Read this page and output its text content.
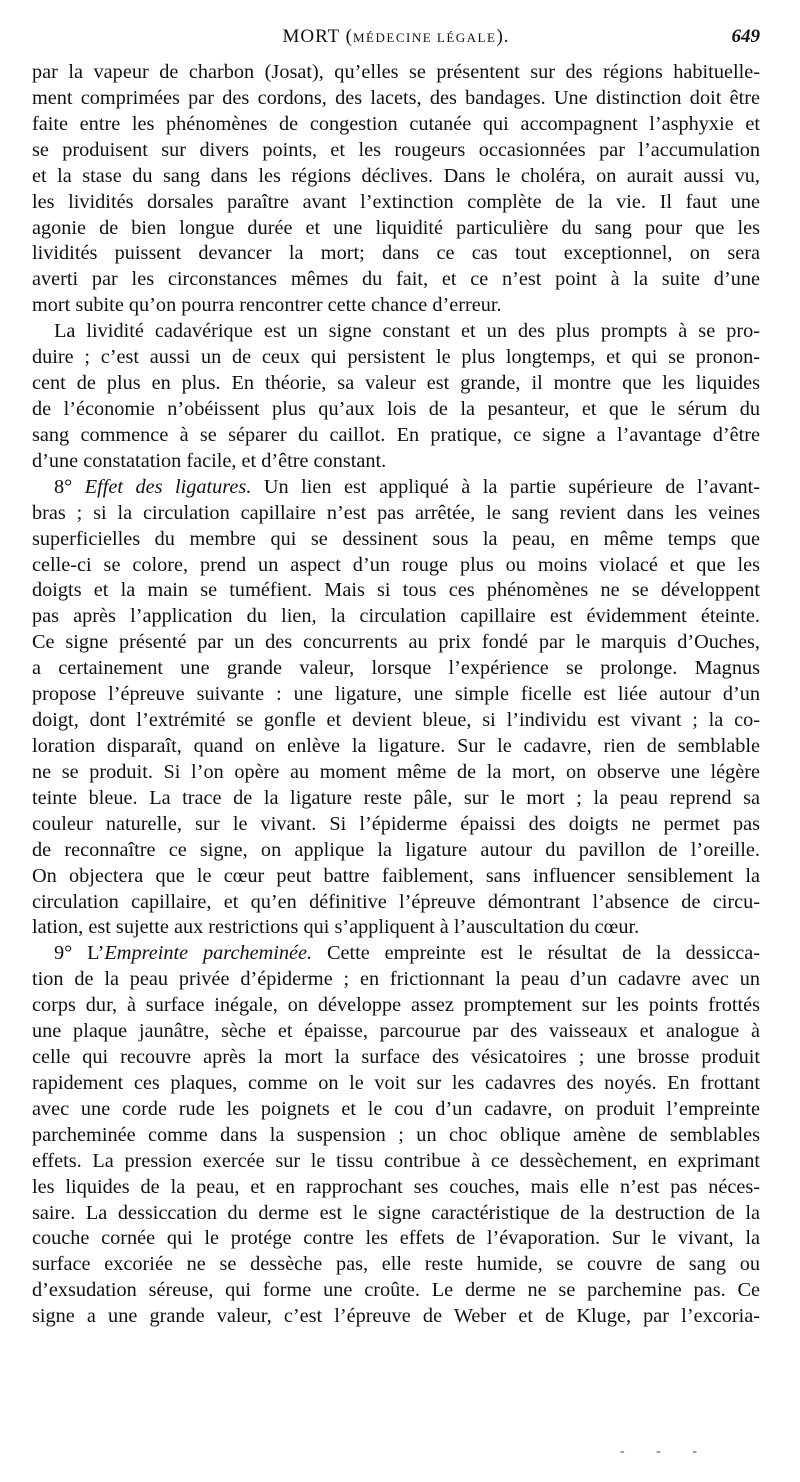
MORT (MÉDECINE LÉGALE).	649
par la vapeur de charbon (Josat), qu’elles se présentent sur des régions habituelle-
ment comprimées par des cordons, des lacets, des bandages. Une distinction doit être
faite entre les phénomènes de congestion cutanée qui accompagnent l’asphyxie et
se produisent sur divers points, et les rougeurs occasionnées par l’accumulation
et la stase du sang dans les régions déclives. Dans le choléra, on aurait aussi vu,
les lividités dorsales paraître avant l’extinction complète de la vie. Il faut une
agonie de bien longue durée et une liquidité particulière du sang pour que les
lividités puissent devancer la mort; dans ce cas tout exceptionnel, on sera
averti par les circonstances mêmes du fait, et ce n’est point à la suite d’une
mort subite qu’on pourra rencontrer cette chance d’erreur.
La lividité cadavérique est un signe constant et un des plus prompts à se pro-
duire ; c’est aussi un de ceux qui persistent le plus longtemps, et qui se pronon-
cent de plus en plus. En théorie, sa valeur est grande, il montre que les liquides
de l’économie n’obéissent plus qu’aux lois de la pesanteur, et que le sérum du
sang commence à se séparer du caillot. En pratique, ce signe a l’avantage d’être
d’une constatation facile, et d’être constant.
8° Effet des ligatures. Un lien est appliqué à la partie supérieure de l’avant-
bras ; si la circulation capillaire n’est pas arrêtée, le sang revient dans les veines
superficielles du membre qui se dessinent sous la peau, en même temps que
celle-ci se colore, prend un aspect d’un rouge plus ou moins violacé et que les
doigts et la main se tuméfient. Mais si tous ces phénomènes ne se développent
pas après l’application du lien, la circulation capillaire est évidemment éteinte.
Ce signe présenté par un des concurrents au prix fondé par le marquis d’Ouches,
a certainement une grande valeur, lorsque l’expérience se prolonge. Magnus
propose l’épreuve suivante : une ligature, une simple ficelle est liée autour d’un
doigt, dont l’extrémité se gonfle et devient bleue, si l’individu est vivant ; la co-
loration disparaît, quand on enlève la ligature. Sur le cadavre, rien de semblable
ne se produit. Si l’on opère au moment même de la mort, on observe une légère
teinte bleue. La trace de la ligature reste pâle, sur le mort ; la peau reprend sa
couleur naturelle, sur le vivant. Si l’épiderme épaissi des doigts ne permet pas
de reconnaître ce signe, on applique la ligature autour du pavillon de l’oreille.
On objectera que le cœur peut battre faiblement, sans influencer sensiblement la
circulation capillaire, et qu’en définitive l’épreuve démontrant l’absence de circu-
lation, est sujette aux restrictions qui s’appliquent à l’auscultation du cœur.
9° L’Empreinte parcheminée. Cette empreinte est le résultat de la dessicca-
tion de la peau privée d’épiderme ; en frictionnant la peau d’un cadavre avec un
corps dur, à surface inégale, on développe assez promptement sur les points frottés
une plaque jaunâtre, sèche et épaisse, parcourue par des vaisseaux et analogue à
celle qui recouvre après la mort la surface des vésicatoires ; une brosse produit
rapidement ces plaques, comme on le voit sur les cadavres des noyés. En frottant
avec une corde rude les poignets et le cou d’un cadavre, on produit l’empreinte
parcheminée comme dans la suspension ; un choc oblique amène de semblables
effets. La pression exercée sur le tissu contribue à ce dessèchement, en exprimant
les liquides de la peau, et en rapprochant ses couches, mais elle n’est pas néces-
saire. La dessiccation du derme est le signe caractéristique de la destruction de la
couche cornée qui le protége contre les effets de l’évaporation. Sur le vivant, la
surface excoriée ne se dessèche pas, elle reste humide, se couvre de sang ou
d’exsudation séreuse, qui forme une croûte. Le derme ne se parchemine pas. Ce
signe a une grande valeur, c’est l’épreuve de Weber et de Kluge, par l’excoria-
- - -
